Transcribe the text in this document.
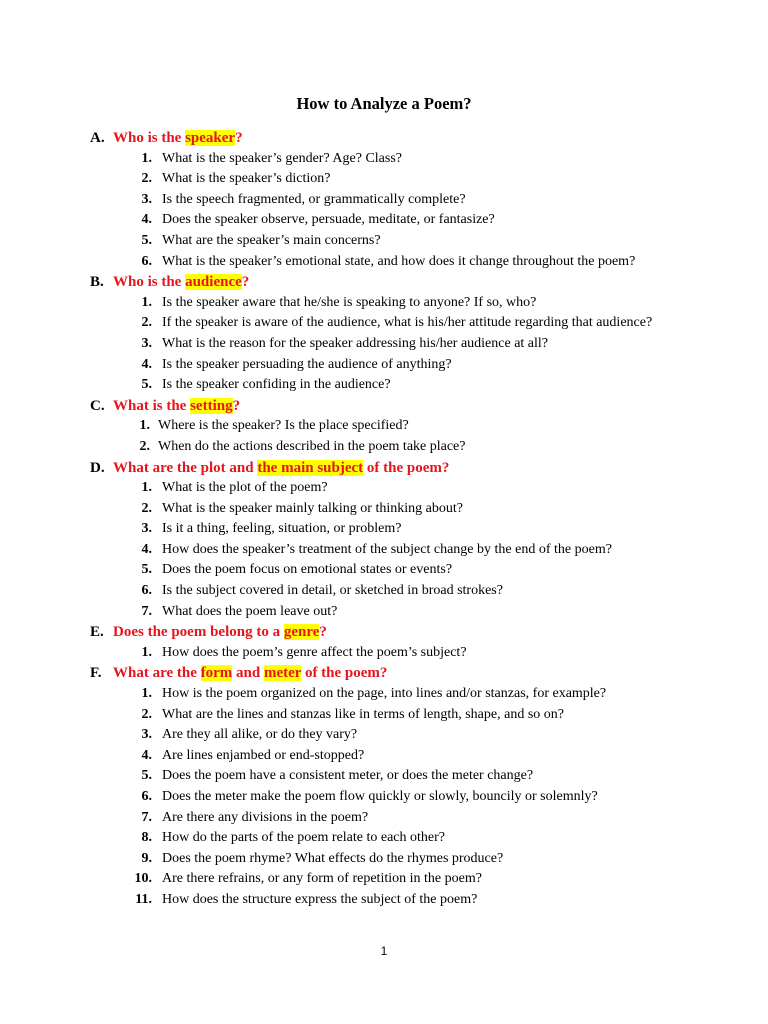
How to Analyze a Poem?
A. Who is the speaker?
1. What is the speaker’s gender? Age? Class?
2. What is the speaker’s diction?
3. Is the speech fragmented, or grammatically complete?
4. Does the speaker observe, persuade, meditate, or fantasize?
5. What are the speaker’s main concerns?
6. What is the speaker’s emotional state, and how does it change throughout the poem?
B. Who is the audience?
1. Is the speaker aware that he/she is speaking to anyone? If so, who?
2. If the speaker is aware of the audience, what is his/her attitude regarding that audience?
3. What is the reason for the speaker addressing his/her audience at all?
4. Is the speaker persuading the audience of anything?
5. Is the speaker confiding in the audience?
C. What is the setting?
1. Where is the speaker? Is the place specified?
2. When do the actions described in the poem take place?
D. What are the plot and the main subject of the poem?
1. What is the plot of the poem?
2. What is the speaker mainly talking or thinking about?
3. Is it a thing, feeling, situation, or problem?
4. How does the speaker’s treatment of the subject change by the end of the poem?
5. Does the poem focus on emotional states or events?
6. Is the subject covered in detail, or sketched in broad strokes?
7. What does the poem leave out?
E. Does the poem belong to a genre?
1. How does the poem’s genre affect the poem’s subject?
F. What are the form and meter of the poem?
1. How is the poem organized on the page, into lines and/or stanzas, for example?
2. What are the lines and stanzas like in terms of length, shape, and so on?
3. Are they all alike, or do they vary?
4. Are lines enjambed or end-stopped?
5. Does the poem have a consistent meter, or does the meter change?
6. Does the meter make the poem flow quickly or slowly, bouncily or solemnly?
7. Are there any divisions in the poem?
8. How do the parts of the poem relate to each other?
9. Does the poem rhyme? What effects do the rhymes produce?
10. Are there refrains, or any form of repetition in the poem?
11. How does the structure express the subject of the poem?
1
